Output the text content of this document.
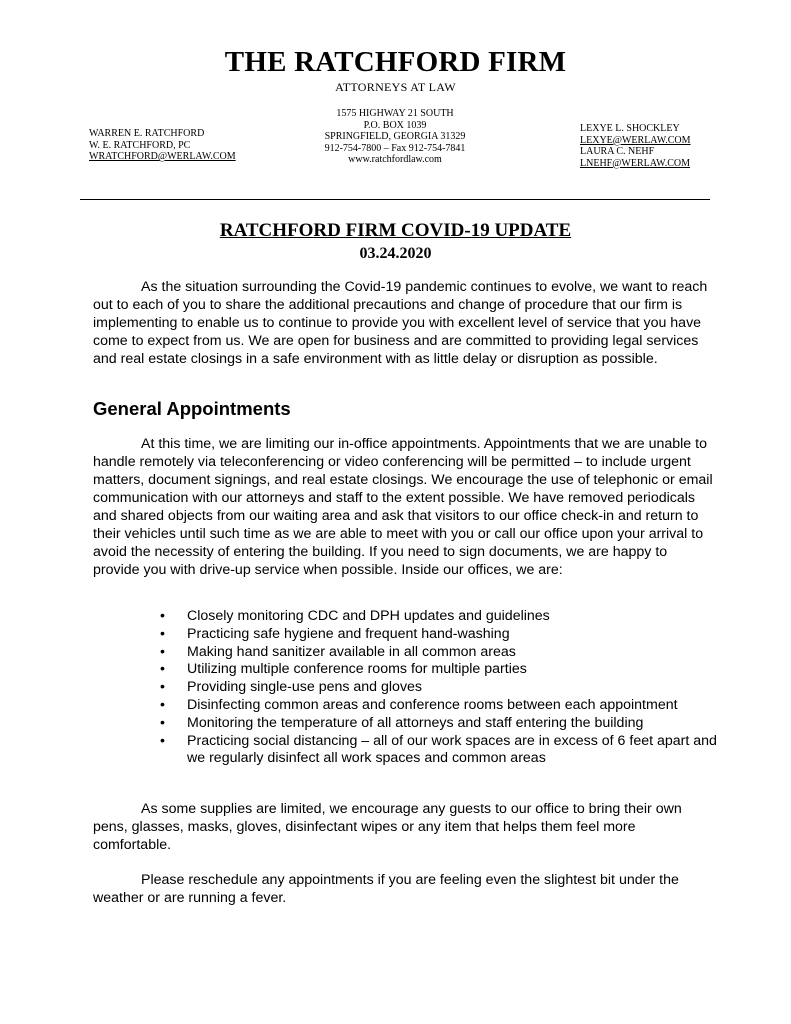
THE RATCHFORD FIRM
ATTORNEYS AT LAW
WARREN E. RATCHFORD
W. E. RATCHFORD, PC
WRATCHFORD@WERLAW.COM
1575 HIGHWAY 21 SOUTH
P.O. BOX 1039
SPRINGFIELD, GEORGIA 31329
912-754-7800 – Fax 912-754-7841
www.ratchfordlaw.com
LEXYE L. SHOCKLEY
LEXYE@WERLAW.COM
LAURA C. NEHF
LNEHF@WERLAW.COM
RATCHFORD FIRM COVID-19 UPDATE
03.24.2020

As the situation surrounding the Covid-19 pandemic continues to evolve, we want to reach out to each of you to share the additional precautions and change of procedure that our firm is implementing to enable us to continue to provide you with excellent level of service that you have come to expect from us. We are open for business and are committed to providing legal services and real estate closings in a safe environment with as little delay or disruption as possible.

General Appointments

At this time, we are limiting our in-office appointments. Appointments that we are unable to handle remotely via teleconferencing or video conferencing will be permitted – to include urgent matters, document signings, and real estate closings. We encourage the use of telephonic or email communication with our attorneys and staff to the extent possible. We have removed periodicals and shared objects from our waiting area and ask that visitors to our office check-in and return to their vehicles until such time as we are able to meet with you or call our office upon your arrival to avoid the necessity of entering the building. If you need to sign documents, we are happy to provide you with drive-up service when possible. Inside our offices, we are:

• Closely monitoring CDC and DPH updates and guidelines
• Practicing safe hygiene and frequent hand-washing
• Making hand sanitizer available in all common areas
• Utilizing multiple conference rooms for multiple parties
• Providing single-use pens and gloves
• Disinfecting common areas and conference rooms between each appointment
• Monitoring the temperature of all attorneys and staff entering the building
• Practicing social distancing – all of our work spaces are in excess of 6 feet apart and we regularly disinfect all work spaces and common areas

As some supplies are limited, we encourage any guests to our office to bring their own pens, glasses, masks, gloves, disinfectant wipes or any item that helps them feel more comfortable.

Please reschedule any appointments if you are feeling even the slightest bit under the weather or are running a fever.
